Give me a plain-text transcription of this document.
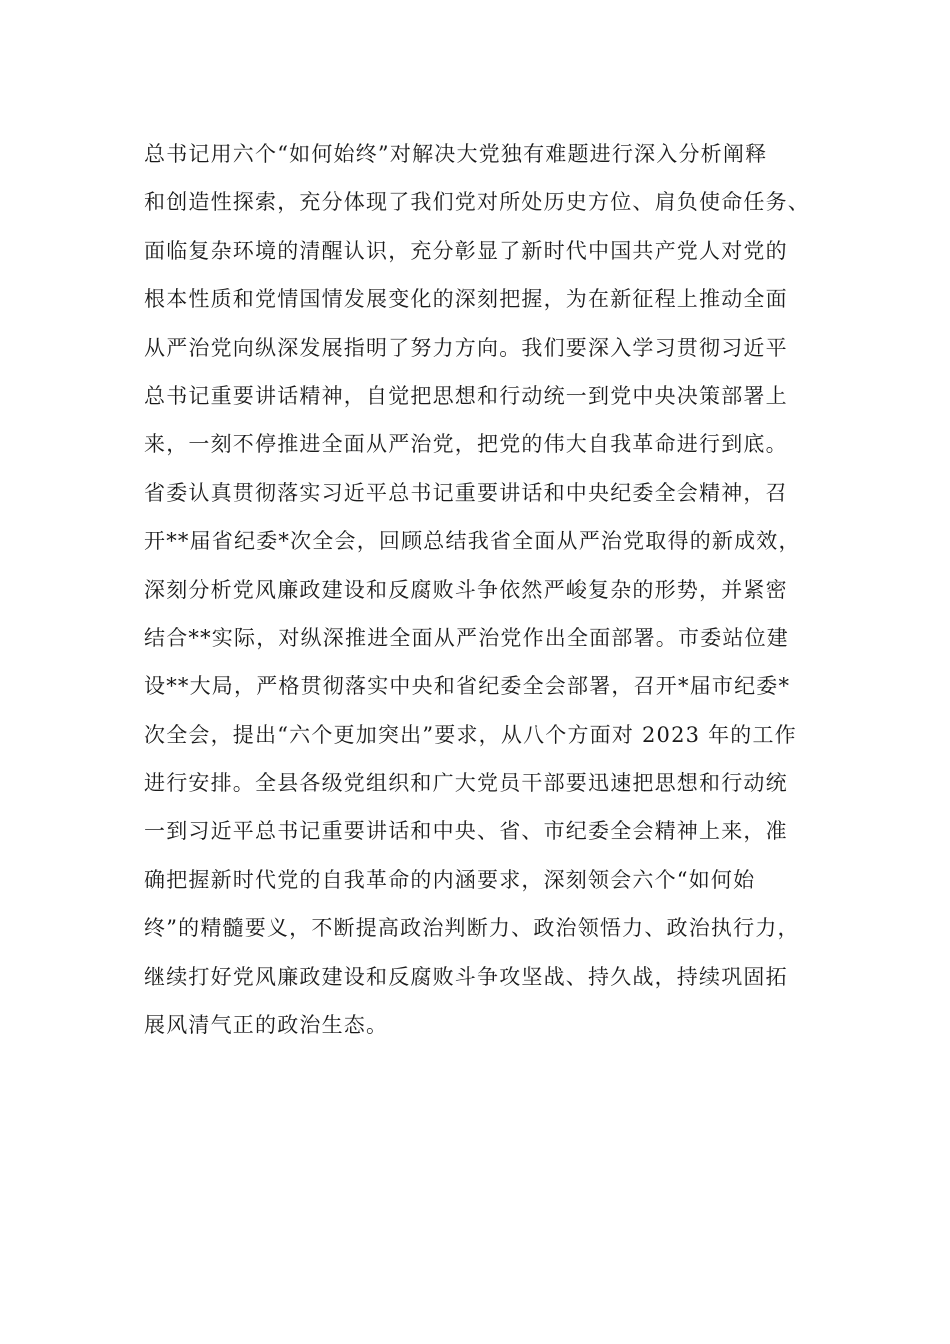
总书记用六个“如何始终”对解决大党独有难题进行深入分析阐释
和创造性探索，充分体现了我们党对所处历史方位、肩负使命任务、
面临复杂环境的清醒认识，充分彰显了新时代中国共产党人对党的
根本性质和党情国情发展变化的深刻把握，为在新征程上推动全面
从严治党向纵深发展指明了努力方向。我们要深入学习贯彻习近平
总书记重要讲话精神，自觉把思想和行动统一到党中央决策部署上
来，一刻不停推进全面从严治党，把党的伟大自我革命进行到底。
省委认真贯彻落实习近平总书记重要讲话和中央纪委全会精神，召
开**届省纪委*次全会，回顾总结我省全面从严治党取得的新成效，
深刻分析党风廉政建设和反腐败斗争依然严峻复杂的形势，并紧密
结合**实际，对纵深推进全面从严治党作出全面部署。市委站位建
设**大局，严格贯彻落实中央和省纪委全会部署，召开*届市纪委*
次全会，提出“六个更加突出”要求，从八个方面对 2023 年的工作
进行安排。全县各级党组织和广大党员干部要迅速把思想和行动统
一到习近平总书记重要讲话和中央、省、市纪委全会精神上来，准
确把握新时代党的自我革命的内涵要求，深刻领会六个“如何始
终”的精髓要义，不断提高政治判断力、政治领悟力、政治执行力，
继续打好党风廉政建设和反腐败斗争攻坚战、持久战，持续巩固拓
展风清气正的政治生态。
